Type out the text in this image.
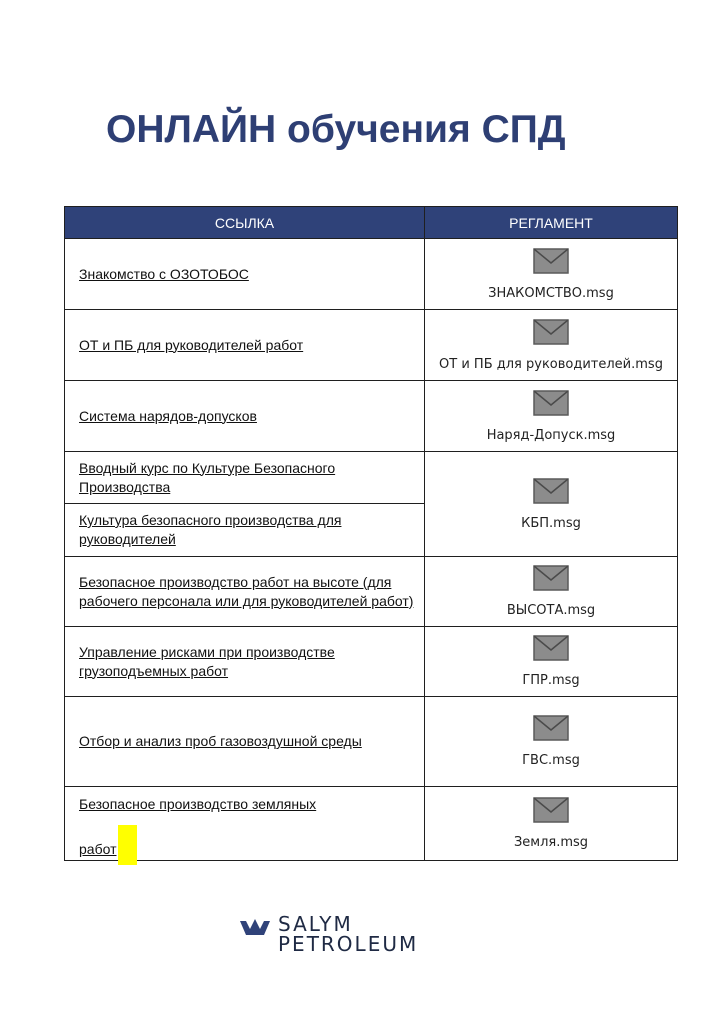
ОНЛАЙН обучения СПД
ССЫЛКА	РЕГЛАМЕНТ
Знакомство с ОЗОТОБОС
ЗНАКОМСТВО.msg
ОТ и ПБ для руководителей работ
ОТ и ПБ для руководителей.msg
Система нарядов-допусков
Наряд-Допуск.msg
Вводный курс по Культуре Безопасного Производства
КБП.msg
Культура безопасного производства для руководителей
Безопасное производство работ на высоте (для рабочего персонала или для руководителей работ)
ВЫСОТА.msg
Управление рисками при производстве грузоподъемных работ
ГПР.msg
Отбор и анализ проб газовоздушной среды
ГВС.msg
Безопасное производство земляных
работ	Земля.msg
SALYM
PETROLEUM
